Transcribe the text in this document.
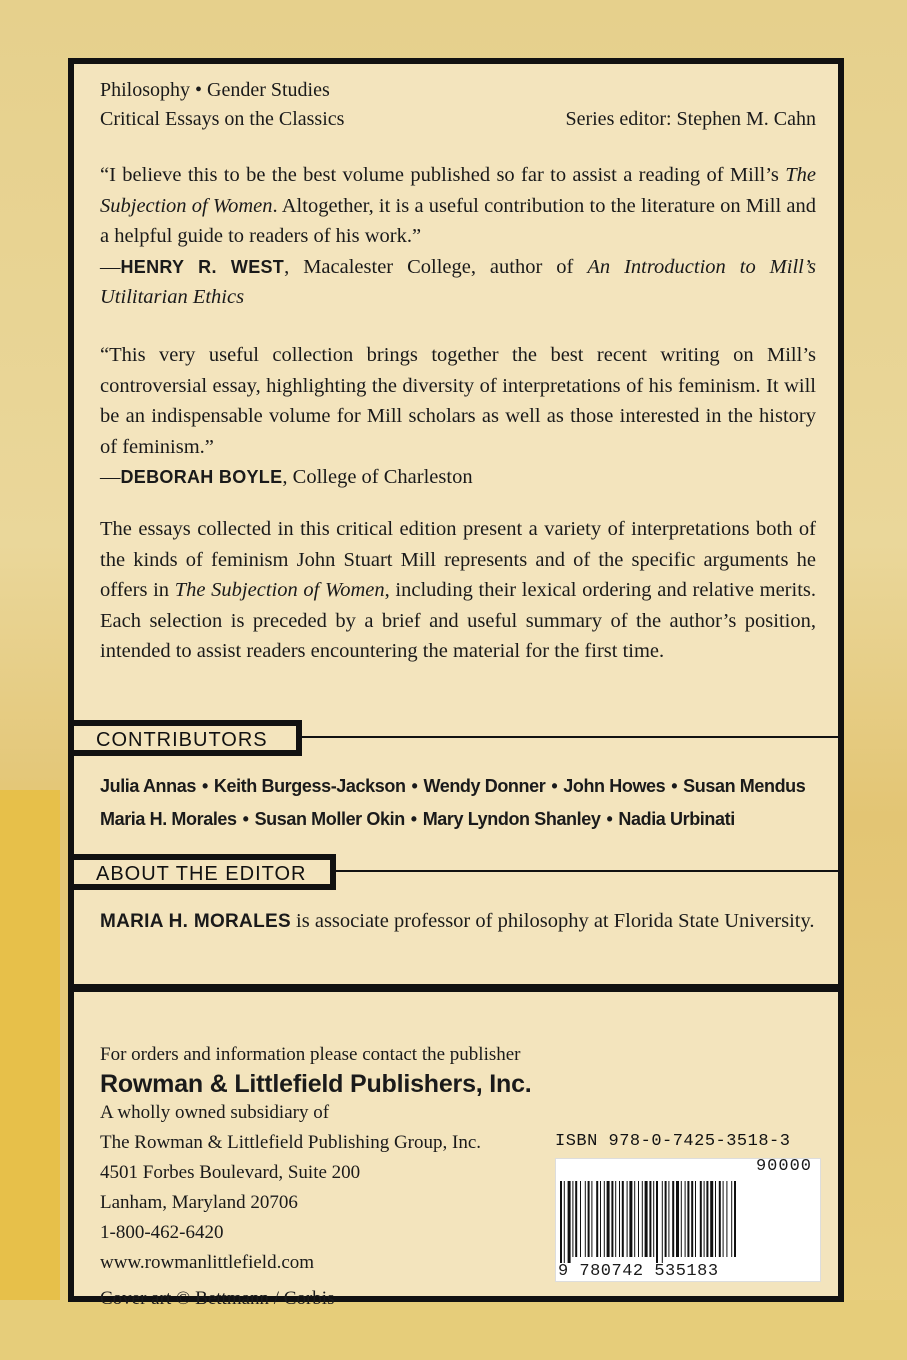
Philosophy • Gender Studies
Critical Essays on the Classics	Series editor: Stephen M. Cahn
“I believe this to be the best volume published so far to assist a reading of Mill’s The Subjection of Women. Altogether, it is a useful contribution to the literature on Mill and a helpful guide to readers of his work.”
—HENRY R. WEST, Macalester College, author of An Introduction to Mill’s Utilitarian Ethics
“This very useful collection brings together the best recent writing on Mill’s controversial essay, highlighting the diversity of interpretations of his feminism. It will be an indispensable volume for Mill scholars as well as those interested in the history of feminism.”
—DEBORAH BOYLE, College of Charleston
The essays collected in this critical edition present a variety of interpretations both of the kinds of feminism John Stuart Mill represents and of the specific arguments he offers in The Subjection of Women, including their lexical ordering and relative merits. Each selection is preceded by a brief and useful summary of the author’s position, intended to assist readers encountering the material for the first time.
CONTRIBUTORS
Julia Annas • Keith Burgess-Jackson • Wendy Donner • John Howes • Susan Mendus
Maria H. Morales • Susan Moller Okin • Mary Lyndon Shanley • Nadia Urbinati
ABOUT THE EDITOR
MARIA H. MORALES is associate professor of philosophy at Florida State University.
For orders and information please contact the publisher
Rowman & Littlefield Publishers, Inc.
A wholly owned subsidiary of
The Rowman & Littlefield Publishing Group, Inc.
4501 Forbes Boulevard, Suite 200
Lanham, Maryland 20706
1-800-462-6420
www.rowmanlittlefield.com
Cover art © Bettmann / Corbis
ISBN 978-0-7425-3518-3
90000
9 780742 535183
